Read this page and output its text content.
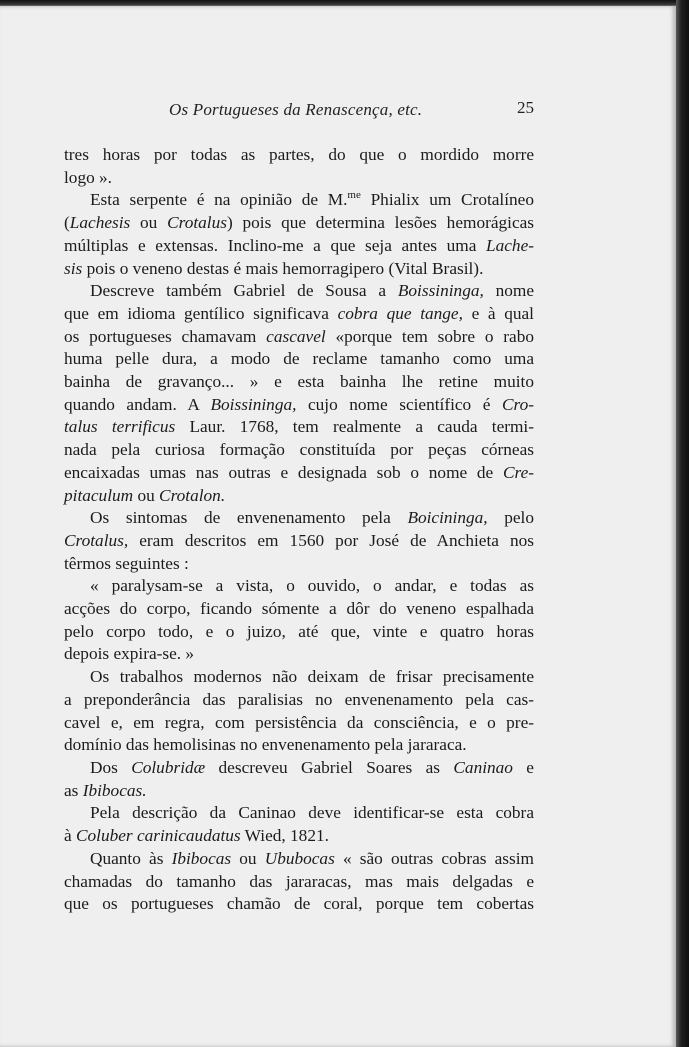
Os Portugueses da Renascença, etc.	25

tres horas por todas as partes, do que o mordido morre

logo ».

Esta serpente é na opinião de M.$^{me}$ Phialix um Crotalíneo

(Lachesis ou Crotalus) pois que determina lesões hemorágicas

múltiplas e extensas. Inclino-me a que seja antes uma Lache-

sis pois o veneno destas é mais hemorragipero (Vital Brasil).

Descreve também Gabriel de Sousa a Boissininga, nome

que em idioma gentílico significava cobra que tange, e à qual

os portugueses chamavam cascavel «porque tem sobre o rabo

huma pelle dura, a modo de reclame tamanho como uma

bainha de gravanço... » e esta bainha lhe retine muito

quando andam. A Boissininga, cujo nome scientífico é Cro-

talus terrificus Laur. 1768, tem realmente a cauda termi-

nada pela curiosa formação constituída por peças córneas

encaixadas umas nas outras e designada sob o nome de Cre-

pitaculum ou Crotalon.

Os sintomas de envenenamento pela Boicininga, pelo

Crotalus, eram descritos em 1560 por José de Anchieta nos

têrmos seguintes :

« paralysam-se a vista, o ouvido, o andar, e todas as

acções do corpo, ficando sómente a dôr do veneno espalhada

pelo corpo todo, e o juizo, até que, vinte e quatro horas

depois expira-se. »

Os trabalhos modernos não deixam de frisar precisamente

a preponderância das paralisias no envenenamento pela cas-

cavel e, em regra, com persistência da consciência, e o pre-

domínio das hemolisinas no envenenamento pela jararaca.

Dos Colubridæ descreveu Gabriel Soares as Caninao e

as Ibibocas.

Pela descrição da Caninao deve identificar-se esta cobra

à Coluber carinicaudatus Wied, 1821.

Quanto às Ibibocas ou Ububocas « são outras cobras assim

chamadas do tamanho das jararacas, mas mais delgadas e

que os portugueses chamão de coral, porque tem cobertas
